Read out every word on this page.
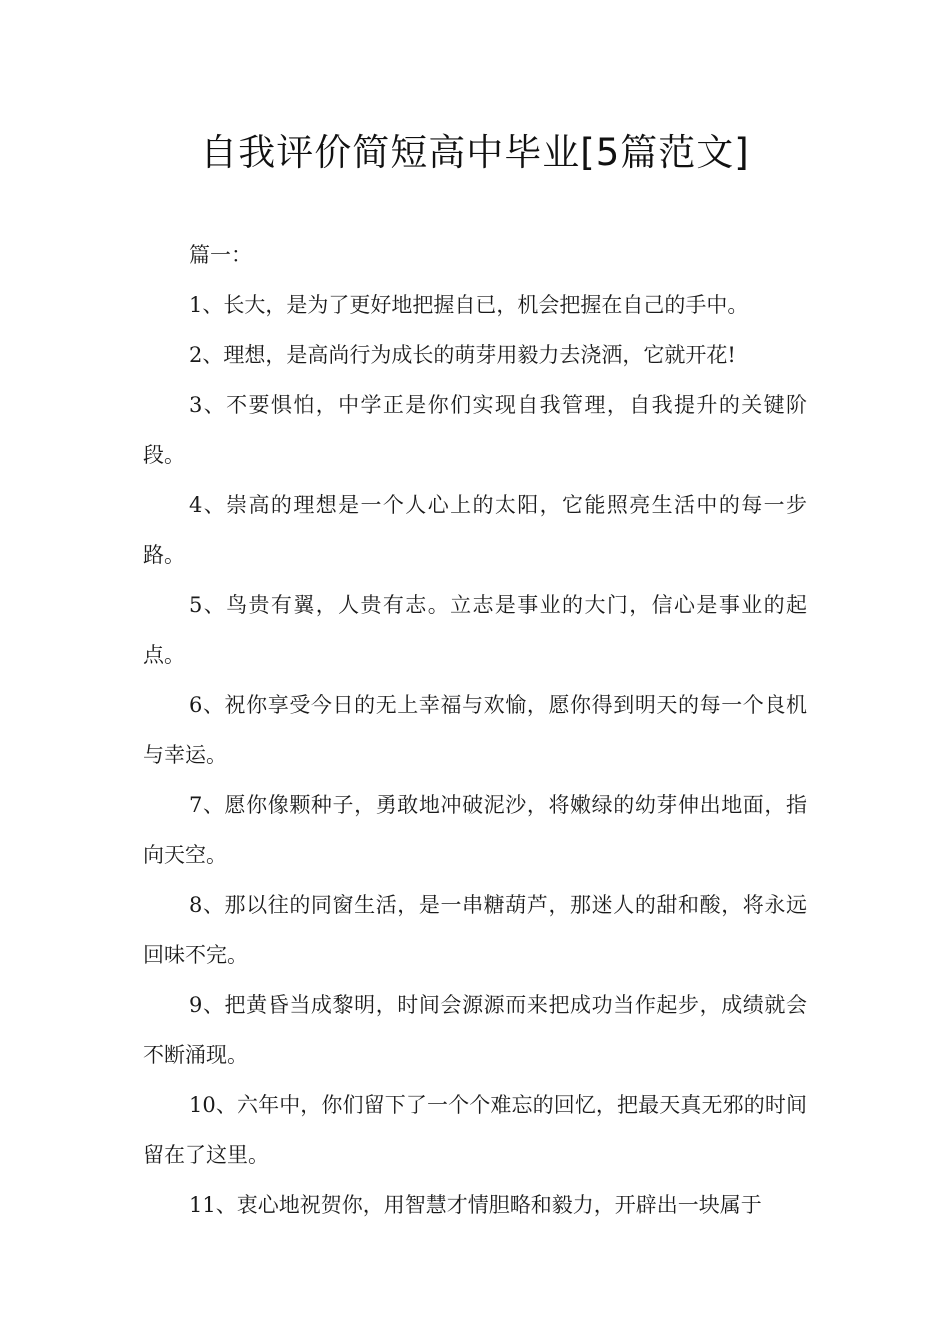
自我评价简短高中毕业[5篇范文]

篇一：

1、长大，是为了更好地把握自已，机会把握在自己的手中。

2、理想，是高尚行为成长的萌芽用毅力去浇洒，它就开花!

3、不要惧怕，中学正是你们实现自我管理，自我提升的关键阶段。

4、崇高的理想是一个人心上的太阳，它能照亮生活中的每一步路。

5、鸟贵有翼，人贵有志。立志是事业的大门，信心是事业的起点。

6、祝你享受今日的无上幸福与欢愉，愿你得到明天的每一个良机与幸运。

7、愿你像颗种子，勇敢地冲破泥沙，将嫩绿的幼芽伸出地面，指向天空。

8、那以往的同窗生活，是一串糖葫芦，那迷人的甜和酸，将永远回味不完。

9、把黄昏当成黎明，时间会源源而来把成功当作起步，成绩就会不断涌现。

10、六年中，你们留下了一个个难忘的回忆，把最天真无邪的时间留在了这里。

11、衷心地祝贺你，用智慧才情胆略和毅力，开辟出一块属于
